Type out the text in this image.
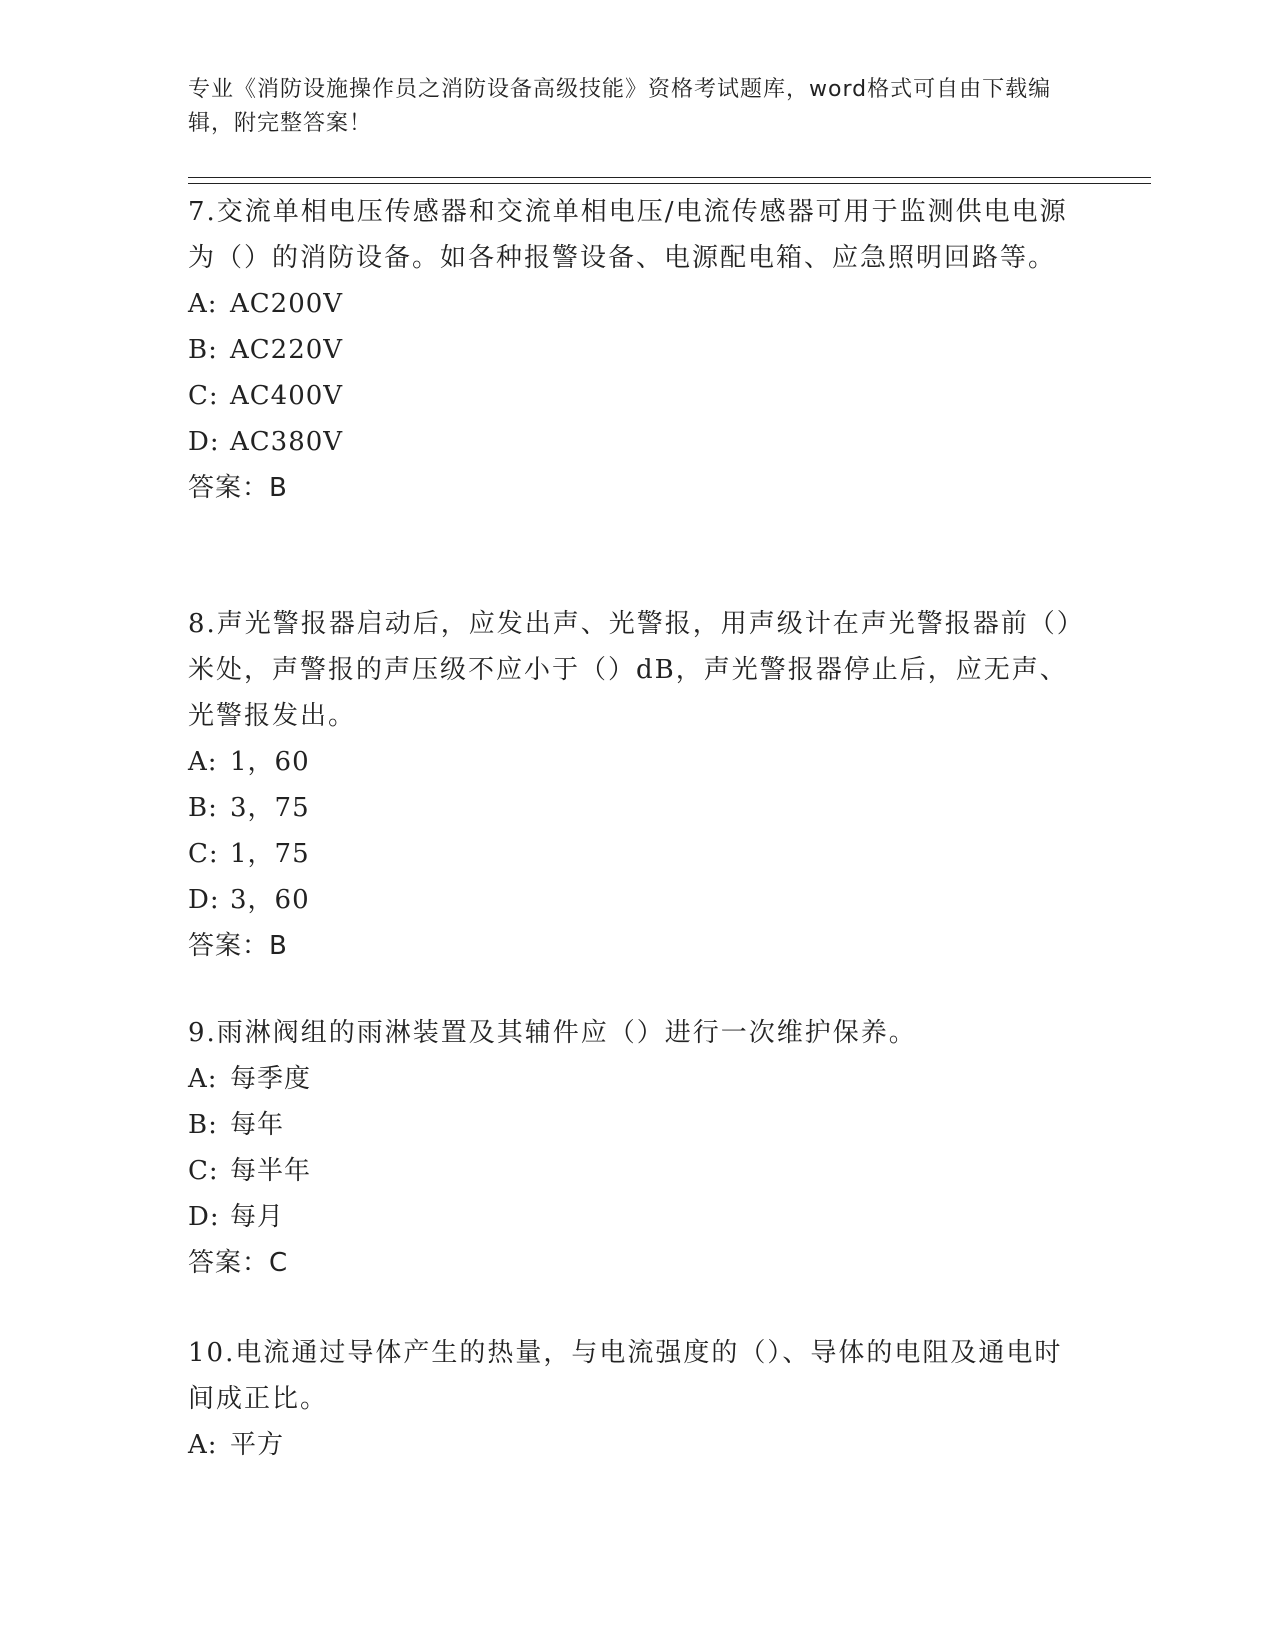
专业《消防设施操作员之消防设备高级技能》资格考试题库，word格式可自由下载编辑，附完整答案！

7.交流单相电压传感器和交流单相电压/电流传感器可用于监测供电电源为（）的消防设备。如各种报警设备、电源配电箱、应急照明回路等。

A: AC200V
B: AC220V
C: AC400V
D: AC380V
答案：B

8.声光警报器启动后，应发出声、光警报，用声级计在声光警报器前（）米处，声警报的声压级不应小于（）dB，声光警报器停止后，应无声、光警报发出。

A: 1，60
B: 3，75
C: 1，75
D: 3，60
答案：B

9.雨淋阀组的雨淋装置及其辅件应（）进行一次维护保养。

A: 每季度
B: 每年
C: 每半年
D: 每月
答案：C

10.电流通过导体产生的热量，与电流强度的（）、导体的电阻及通电时间成正比。

A: 平方
